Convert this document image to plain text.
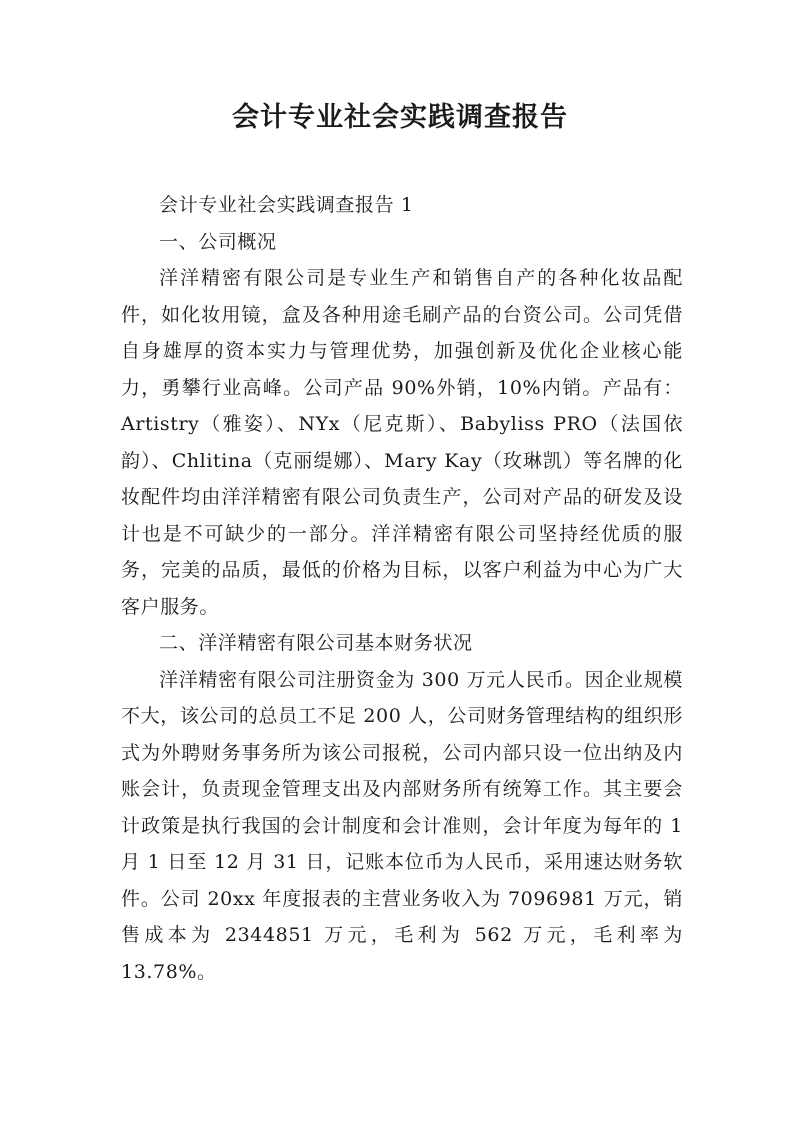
会计专业社会实践调查报告

会计专业社会实践调查报告 1

一、公司概况

洋洋精密有限公司是专业生产和销售自产的各种化妆品配件，如化妆用镜，盒及各种用途毛刷产品的台资公司。公司凭借自身雄厚的资本实力与管理优势，加强创新及优化企业核心能力，勇攀行业高峰。公司产品 90%外销，10%内销。产品有：Artistry（雅姿）、NYx（尼克斯）、Babyliss PRO（法国依韵）、Chlitina（克丽缇娜）、Mary Kay（玫琳凯）等名牌的化妆配件均由洋洋精密有限公司负责生产，公司对产品的研发及设计也是不可缺少的一部分。洋洋精密有限公司坚持经优质的服务，完美的品质，最低的价格为目标，以客户利益为中心为广大客户服务。

二、洋洋精密有限公司基本财务状况

洋洋精密有限公司注册资金为 300 万元人民币。因企业规模不大，该公司的总员工不足 200 人，公司财务管理结构的组织形式为外聘财务事务所为该公司报税，公司内部只设一位出纳及内账会计，负责现金管理支出及内部财务所有统筹工作。其主要会计政策是执行我国的会计制度和会计准则，会计年度为每年的 1 月 1 日至 12 月 31 日，记账本位币为人民币，采用速达财务软件。公司 20xx 年度报表的主营业务收入为 7096981 万元，销售成本为 2344851 万元，毛利为 562 万元，毛利率为 13.78%。
